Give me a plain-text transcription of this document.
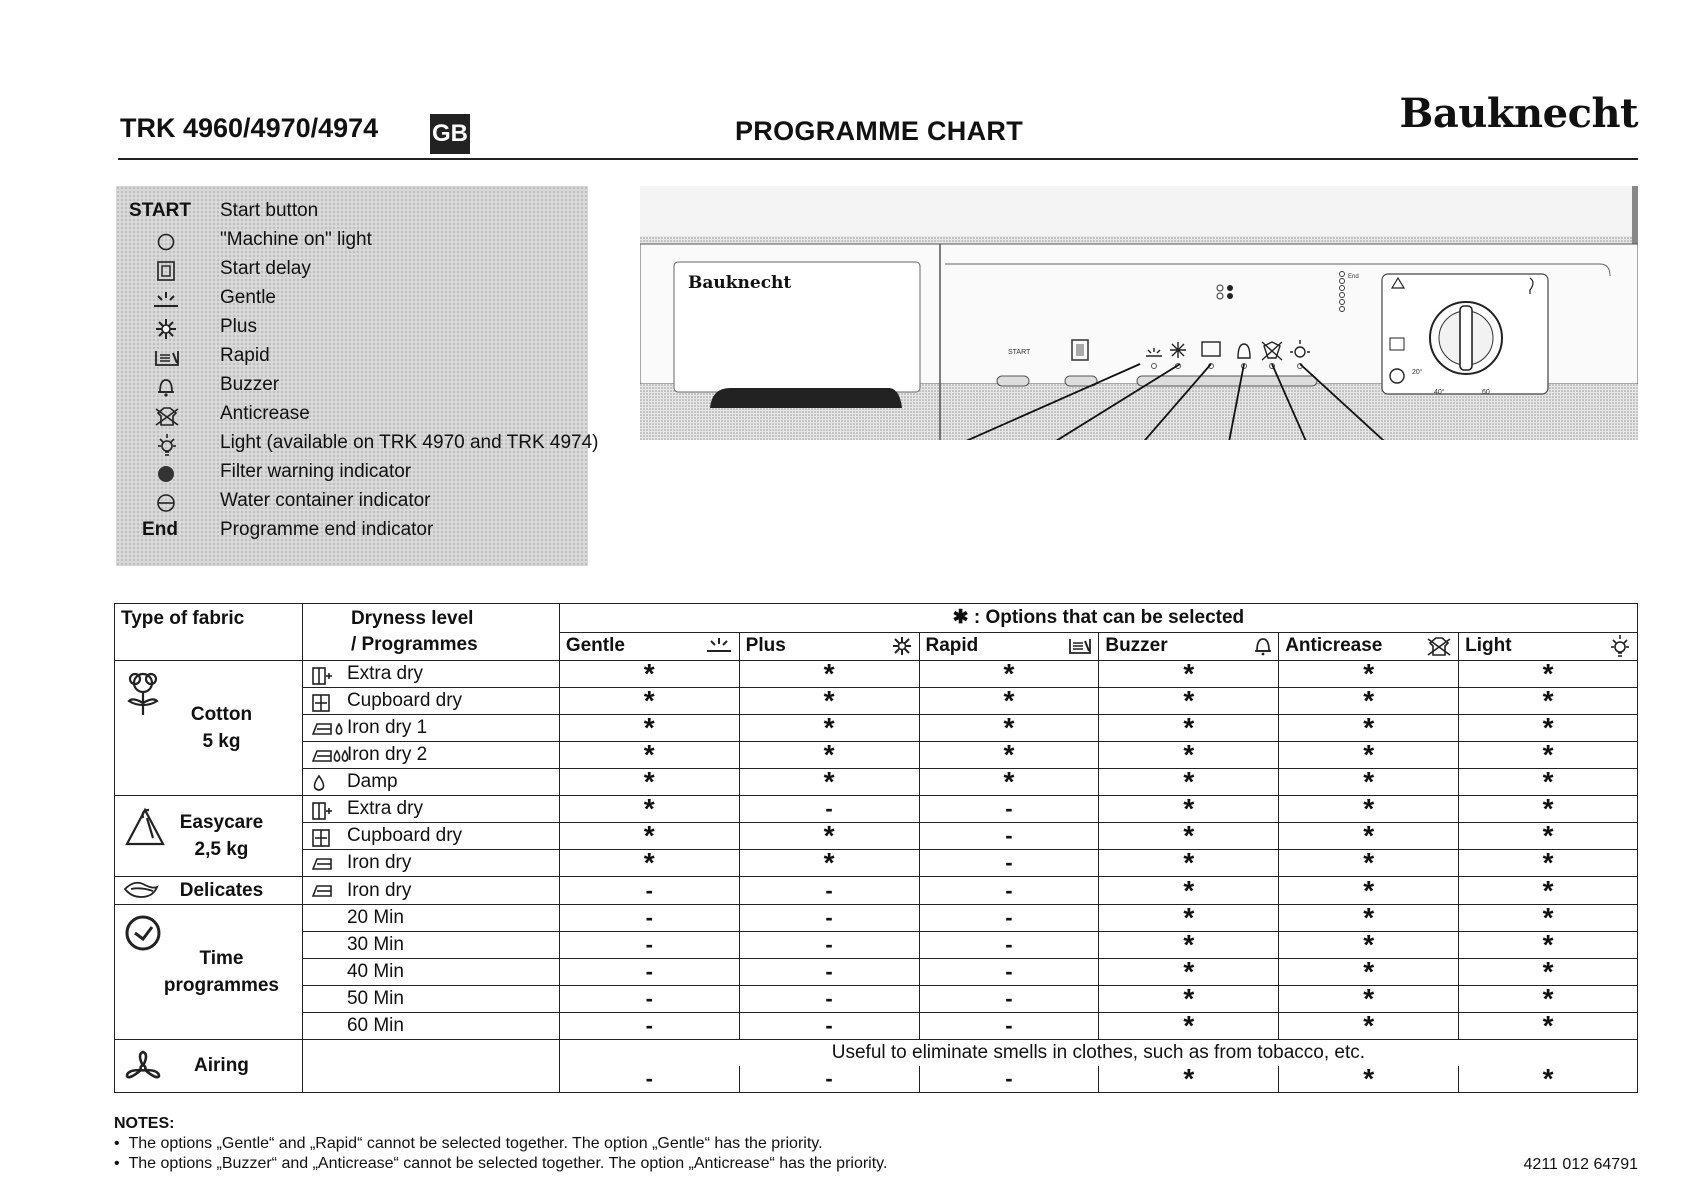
TRK 4960/4970/4974 GB	PROGRAMME CHART	Bauknecht
START Start button
"Machine on" light
Start delay
Gentle
Plus
Rapid
Buzzer
Anticrease
Light (available on TRK 4970 and TRK 4974)
Filter warning indicator
Water container indicator
End	Programme end indicator
Bauknecht
START
End
20°
40°	60
Type of fabric	Dryness level
/ Programmes	✱ : Options that can be selected					
		Gentle	Plus	Rapid	Buzzer	Anticrease	Light

Cotton
5 kg	Extra dry	*	*	*	*	*	*

Cupboard dry	*	*	*	*	*	*

Iron dry 1	*	*	*	*	*	*

Iron dry 2	*	*	*	*	*	*

Damp	*	*	*	*	*	*

Easycare
2,5 kg	Extra dry	*	-	-	*	*	*

Cupboard dry	*	*	-	*	*	*

Iron dry	*	*	-	*	*	*

Delicates	Iron dry	-	-	-	*	*	*

Time
programmes	20 Min	-	-	-	*	*	*
	30 Min	-	-	-	*	*	*
	40 Min	-	-	-	*	*	*
	50 Min	-	-	-	*	*	*
	60 Min	-	-	-	*	*	*

Airing		Useful to eliminate smells in clothes, such as from tobacco, etc.					
		-	-	-	*	*	*
NOTES:
•  The options „Gentle“ and „Rapid“ cannot be selected together. The option „Gentle“ has the priority.
•  The options „Buzzer“ and „Anticrease“ cannot be selected together. The option „Anticrease“ has the priority.	4211 012 64791
